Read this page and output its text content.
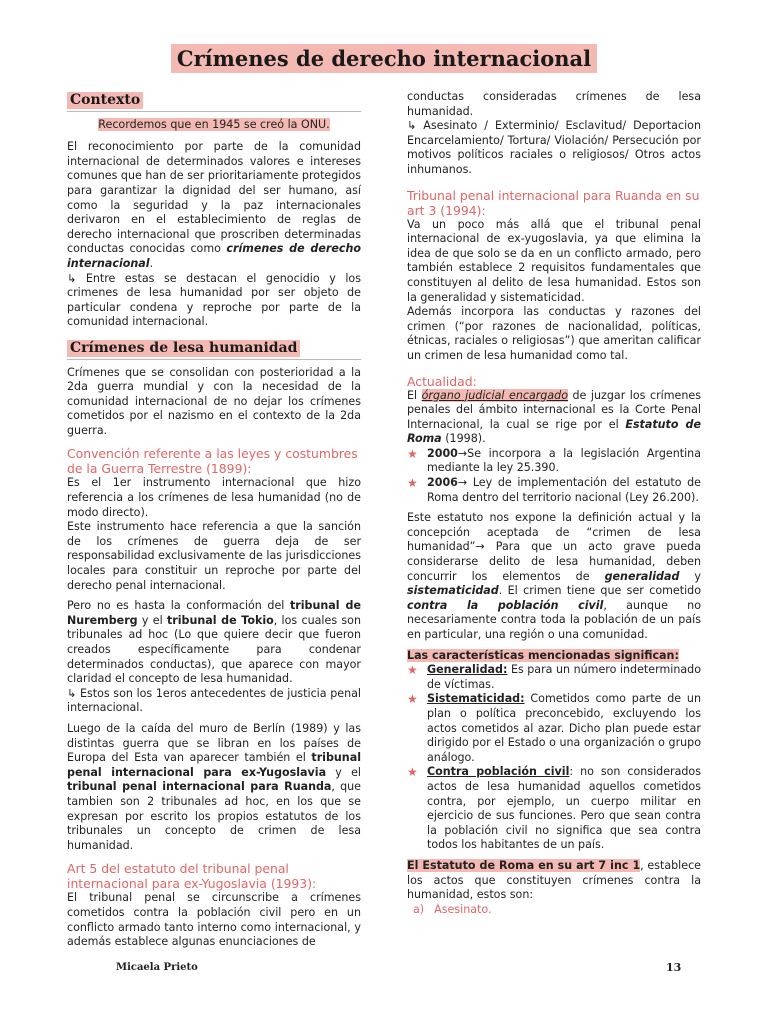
Crímenes de derecho internacional
Contexto
Recordemos que en 1945 se creó la ONU.

El reconocimiento por parte de la comunidad internacional de determinados valores e intereses comunes que han de ser prioritariamente protegidos para garantizar la dignidad del ser humano, así como la seguridad y la paz internacionales derivaron en el establecimiento de reglas de derecho internacional que proscriben determinadas conductas conocidas como crímenes de derecho internacional.

↳ Entre estas se destacan el genocidio y los crimenes de lesa humanidad por ser objeto de particular condena y reproche por parte de la comunidad internacional.

Crímenes de lesa humanidad

Crímenes que se consolidan con posterioridad a la 2da guerra mundial y con la necesidad de la comunidad internacional de no dejar los crímenes cometidos por el nazismo en el contexto de la 2da guerra.

Convención referente a las leyes y costumbres de la Guerra Terrestre (1899):

Es el 1er instrumento internacional que hizo referencia a los crímenes de lesa humanidad (no de modo directo).

Este instrumento hace referencia a que la sanción de los crímenes de guerra deja de ser responsabilidad exclusivamente de las jurisdicciones locales para constituir un reproche por parte del derecho penal internacional.

Pero no es hasta la conformación del tribunal de Nuremberg y el tribunal de Tokio, los cuales son tribunales ad hoc (Lo que quiere decir que fueron creados específicamente para condenar determinados conductas), que aparece con mayor claridad el concepto de lesa humanidad.

↳ Estos son los 1eros antecedentes de justicia penal internacional.

Luego de la caída del muro de Berlín (1989) y las distintas guerra que se libran en los países de Europa del Esta van aparecer también el tribunal penal internacional para ex-Yugoslavia y el tribunal penal internacional para Ruanda, que tambien son 2 tribunales ad hoc, en los que se expresan por escrito los propios estatutos de los tribunales un concepto de crimen de lesa humanidad.

Art 5 del estatuto del tribunal penal internacional para ex-Yugoslavia (1993):

El tribunal penal se circunscribe a crímenes cometidos contra la población civil pero en un conflicto armado tanto interno como internacional, y además establece algunas enunciaciones de

conductas consideradas crímenes de lesa humanidad.

↳ Asesinato / Exterminio/ Esclavitud/ Deportacion Encarcelamiento/ Tortura/ Violación/ Persecución por motivos políticos raciales o religiosos/ Otros actos inhumanos.

Tribunal penal internacional para Ruanda en su art 3 (1994):

Va un poco más allá que el tribunal penal internacional de ex-yugoslavia, ya que elimina la idea de que solo se da en un conflicto armado, pero también establece 2 requisitos fundamentales que constituyen al delito de lesa humanidad. Estos son la generalidad y sistematicidad.

Además incorpora las conductas y razones del crimen (“por razones de nacionalidad, políticas, étnicas, raciales o religiosas”) que ameritan calificar un crimen de lesa humanidad como tal.

Actualidad:

El órgano judicial encargado de juzgar los crímenes penales del ámbito internacional es la Corte Penal Internacional, la cual se rige por el Estatuto de Roma (1998).

★ 2000→Se incorpora a la legislación Argentina mediante la ley 25.390.
★ 2006→ Ley de implementación del estatuto de Roma dentro del territorio nacional (Ley 26.200).

Este estatuto nos expone la definición actual y la concepción aceptada de “crimen de lesa humanidad”→ Para que un acto grave pueda considerarse delito de lesa humanidad, deben concurrir los elementos de generalidad y sistematicidad. El crimen tiene que ser cometido contra la población civil, aunque no necesariamente contra toda la población de un país en particular, una región o una comunidad.

Las características mencionadas significan:

★ Generalidad: Es para un número indeterminado de víctimas.
★ Sistematicidad: Cometidos como parte de un plan o política preconcebido, excluyendo los actos cometidos al azar. Dicho plan puede estar dirigido por el Estado o una organización o grupo análogo.
★ Contra población civil: no son considerados actos de lesa humanidad aquellos cometidos contra, por ejemplo, un cuerpo militar en ejercicio de sus funciones. Pero que sean contra la población civil no significa que sea contra todos los habitantes de un país.

El Estatuto de Roma en su art 7 inc 1, establece los actos que constituyen crímenes contra la humanidad, estos son:

a) Asesinato.
Micaela Prieto	13
